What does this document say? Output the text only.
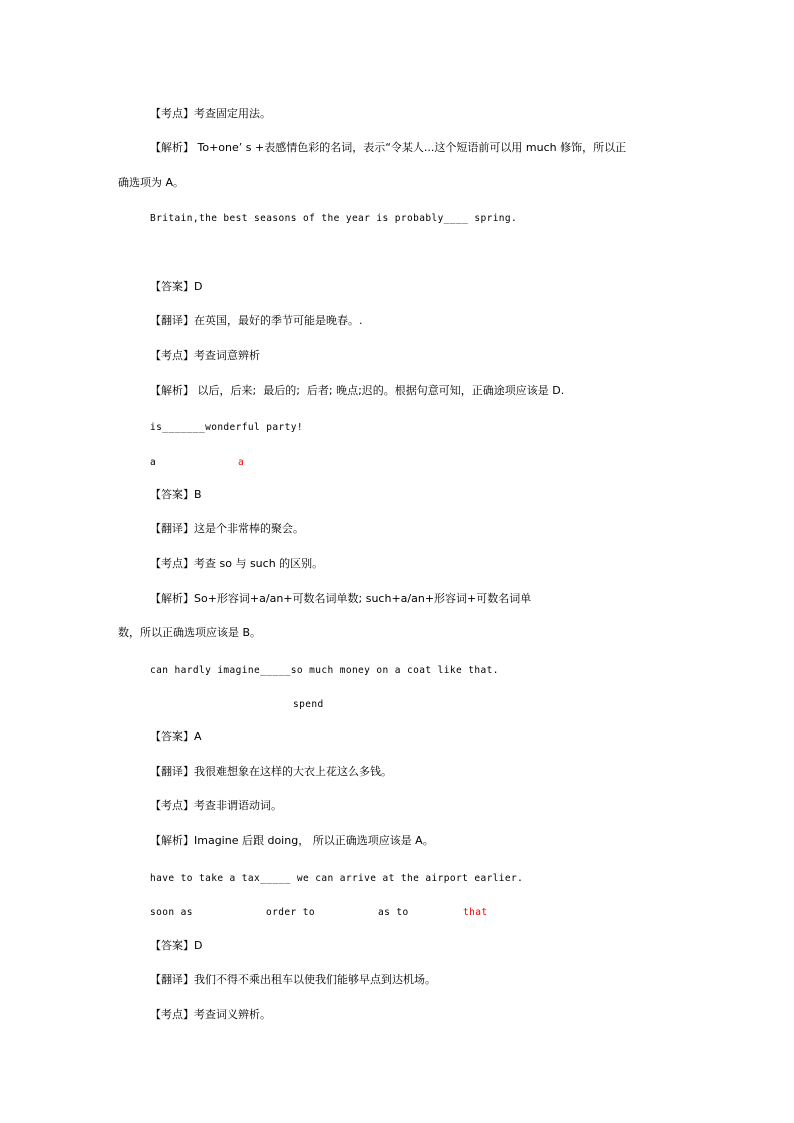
【考点】考查固定用法。
【解析】 To+one’ s +表感情色彩的名词，表示“令某人...这个短语前可以用 much 修饰，所以正
确选项为 A。
Britain,the best seasons of the year is probably____ spring.
【答案】D
【翻译】在英国，最好的季节可能是晚春。.
【考点】考查词意辨析
【解析】 以后，后来;  最后的;  后者; 晚点;迟的。根据句意可知，正确途项应该是 D.
is_______wonderful party!
a	a
【答案】B
【翻译】这是个非常棒的聚会。
【考点】考查 so 与 such 的区别。
【解析】So+形容词+a/an+可数名词单数; such+a/an+形容词+可数名词单
数，所以正确选项应该是 B。
can hardly imagine_____so much money on a coat like that.
spend
【答案】A
【翻译】我很难想象在这样的大衣上花这么多钱。
【考点】考查非谓语动词。
【解析】Imagine 后跟 doing， 所以正确选项应该是 A。
have to take a tax_____ we can arrive at the airport earlier.
soon as	order to	as to	that
【答案】D
【翻译】我们不得不乘出租车以使我们能够早点到达机场。
【考点】考查词义辨析。
